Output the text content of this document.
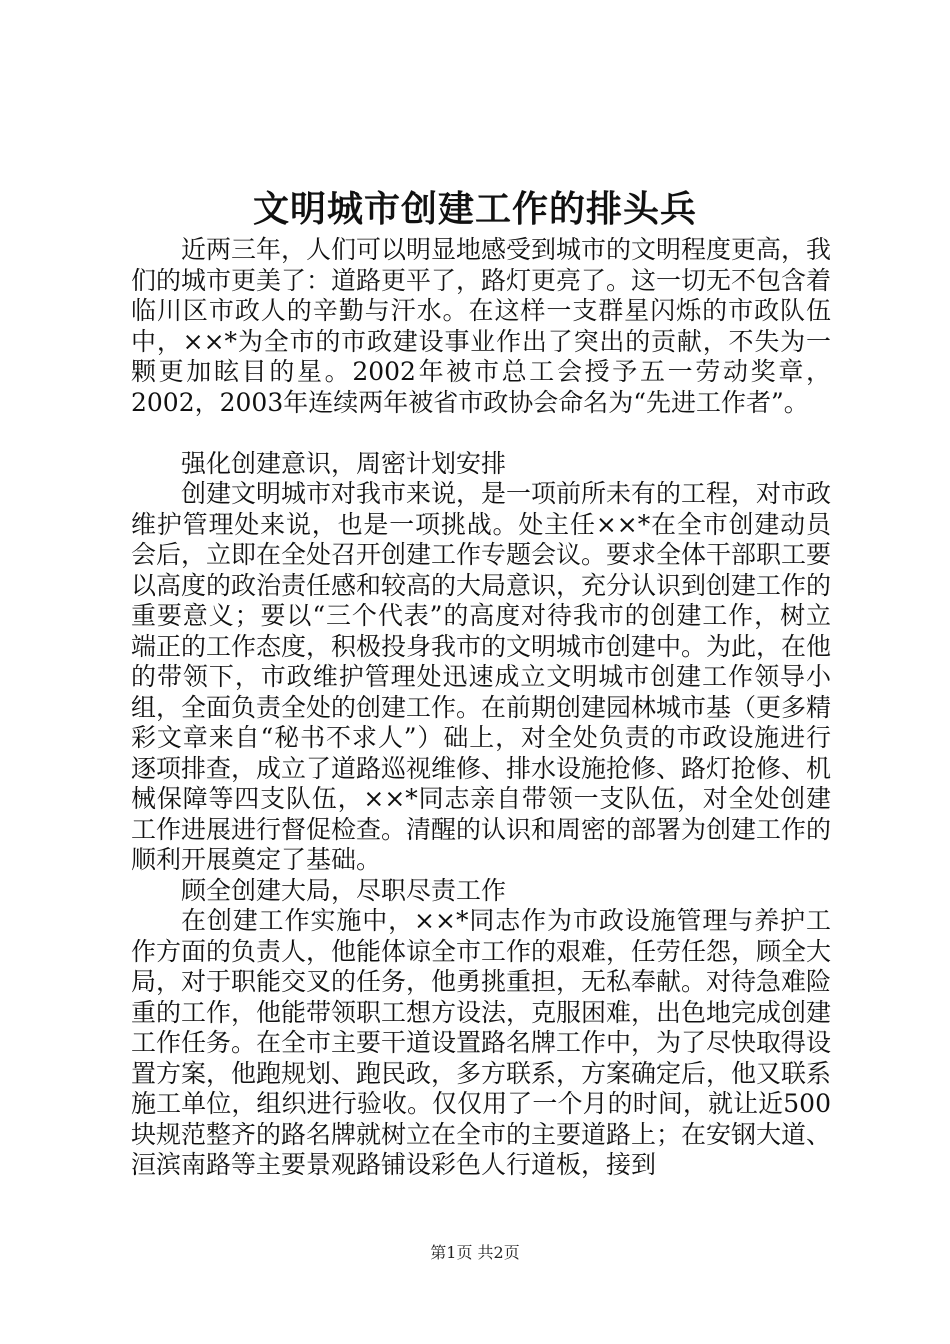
文明城市创建工作的排头兵

近两三年，人们可以明显地感受到城市的文明程度更高，我们的城市更美了：道路更平了，路灯更亮了。这一切无不包含着临川区市政人的辛勤与汗水。在这样一支群星闪烁的市政队伍中，××*为全市的市政建设事业作出了突出的贡献，不失为一颗更加眩目的星。2002年被市总工会授予五一劳动奖章，2002，2003年连续两年被省市政协会命名为“先进工作者”。

强化创建意识，周密计划安排

创建文明城市对我市来说，是一项前所未有的工程，对市政维护管理处来说，也是一项挑战。处主任××*在全市创建动员会后，立即在全处召开创建工作专题会议。要求全体干部职工要以高度的政治责任感和较高的大局意识，充分认识到创建工作的重要意义；要以“三个代表”的高度对待我市的创建工作，树立端正的工作态度，积极投身我市的文明城市创建中。为此，在他的带领下，市政维护管理处迅速成立文明城市创建工作领导小组，全面负责全处的创建工作。在前期创建园林城市基（更多精彩文章来自“秘书不求人”）础上，对全处负责的市政设施进行逐项排查，成立了道路巡视维修、排水设施抢修、路灯抢修、机械保障等四支队伍，××*同志亲自带领一支队伍，对全处创建工作进展进行督促检查。清醒的认识和周密的部署为创建工作的顺利开展奠定了基础。

顾全创建大局，尽职尽责工作

在创建工作实施中，××*同志作为市政设施管理与养护工作方面的负责人，他能体谅全市工作的艰难，任劳任怨，顾全大局，对于职能交叉的任务，他勇挑重担，无私奉献。对待急难险重的工作，他能带领职工想方设法，克服困难，出色地完成创建工作任务。在全市主要干道设置路名牌工作中，为了尽快取得设置方案，他跑规划、跑民政，多方联系，方案确定后，他又联系施工单位，组织进行验收。仅仅用了一个月的时间，就让近500块规范整齐的路名牌就树立在全市的主要道路上；在安钢大道、洹滨南路等主要景观路铺设彩色人行道板，接到

第1页 共2页
